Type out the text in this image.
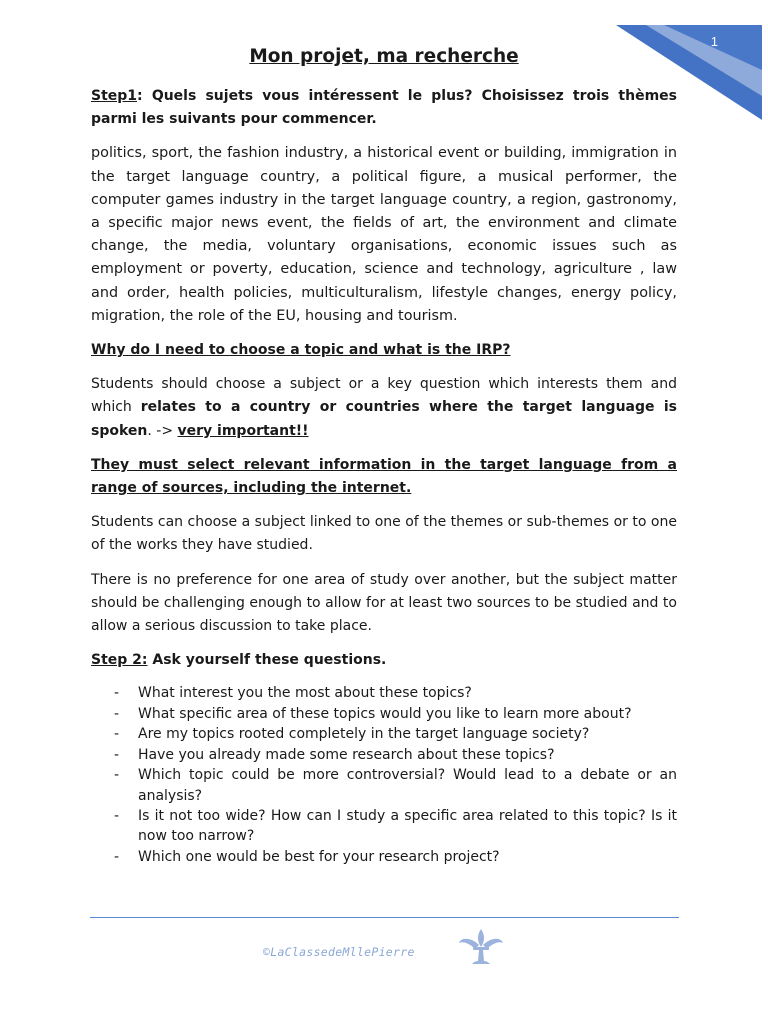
1
Mon projet, ma recherche

Step1: Quels sujets vous intéressent le plus? Choisissez trois thèmes parmi les suivants pour commencer.

politics, sport, the fashion industry, a historical event or building, immigration in the target language country, a political figure, a musical performer, the computer games industry in the target language country, a region, gastronomy, a specific major news event, the fields of art, the environment and climate change, the media, voluntary organisations, economic issues such as employment or poverty, education, science and technology, agriculture , law and order, health policies, multiculturalism, lifestyle changes, energy policy, migration, the role of the EU, housing and tourism.

Why do I need to choose a topic and what is the IRP?

Students should choose a subject or a key question which interests them and which relates to a country or countries where the target language is spoken. -> very important!!

They must select relevant information in the target language from a range of sources, including the internet.

Students can choose a subject linked to one of the themes or sub-themes or to one of the works they have studied.

There is no preference for one area of study over another, but the subject matter should be challenging enough to allow for at least two sources to be studied and to allow a serious discussion to take place.

Step 2: Ask yourself these questions.

- What interest you the most about these topics?
- What specific area of these topics would you like to learn more about?
- Are my topics rooted completely in the target language society?
- Have you already made some research about these topics?
- Which topic could be more controversial? Would lead to a debate or an analysis?
- Is it not too wide? How can I study a specific area related to this topic? Is it now too narrow?
- Which one would be best for your research project?
©LaClassedeMllePierre
